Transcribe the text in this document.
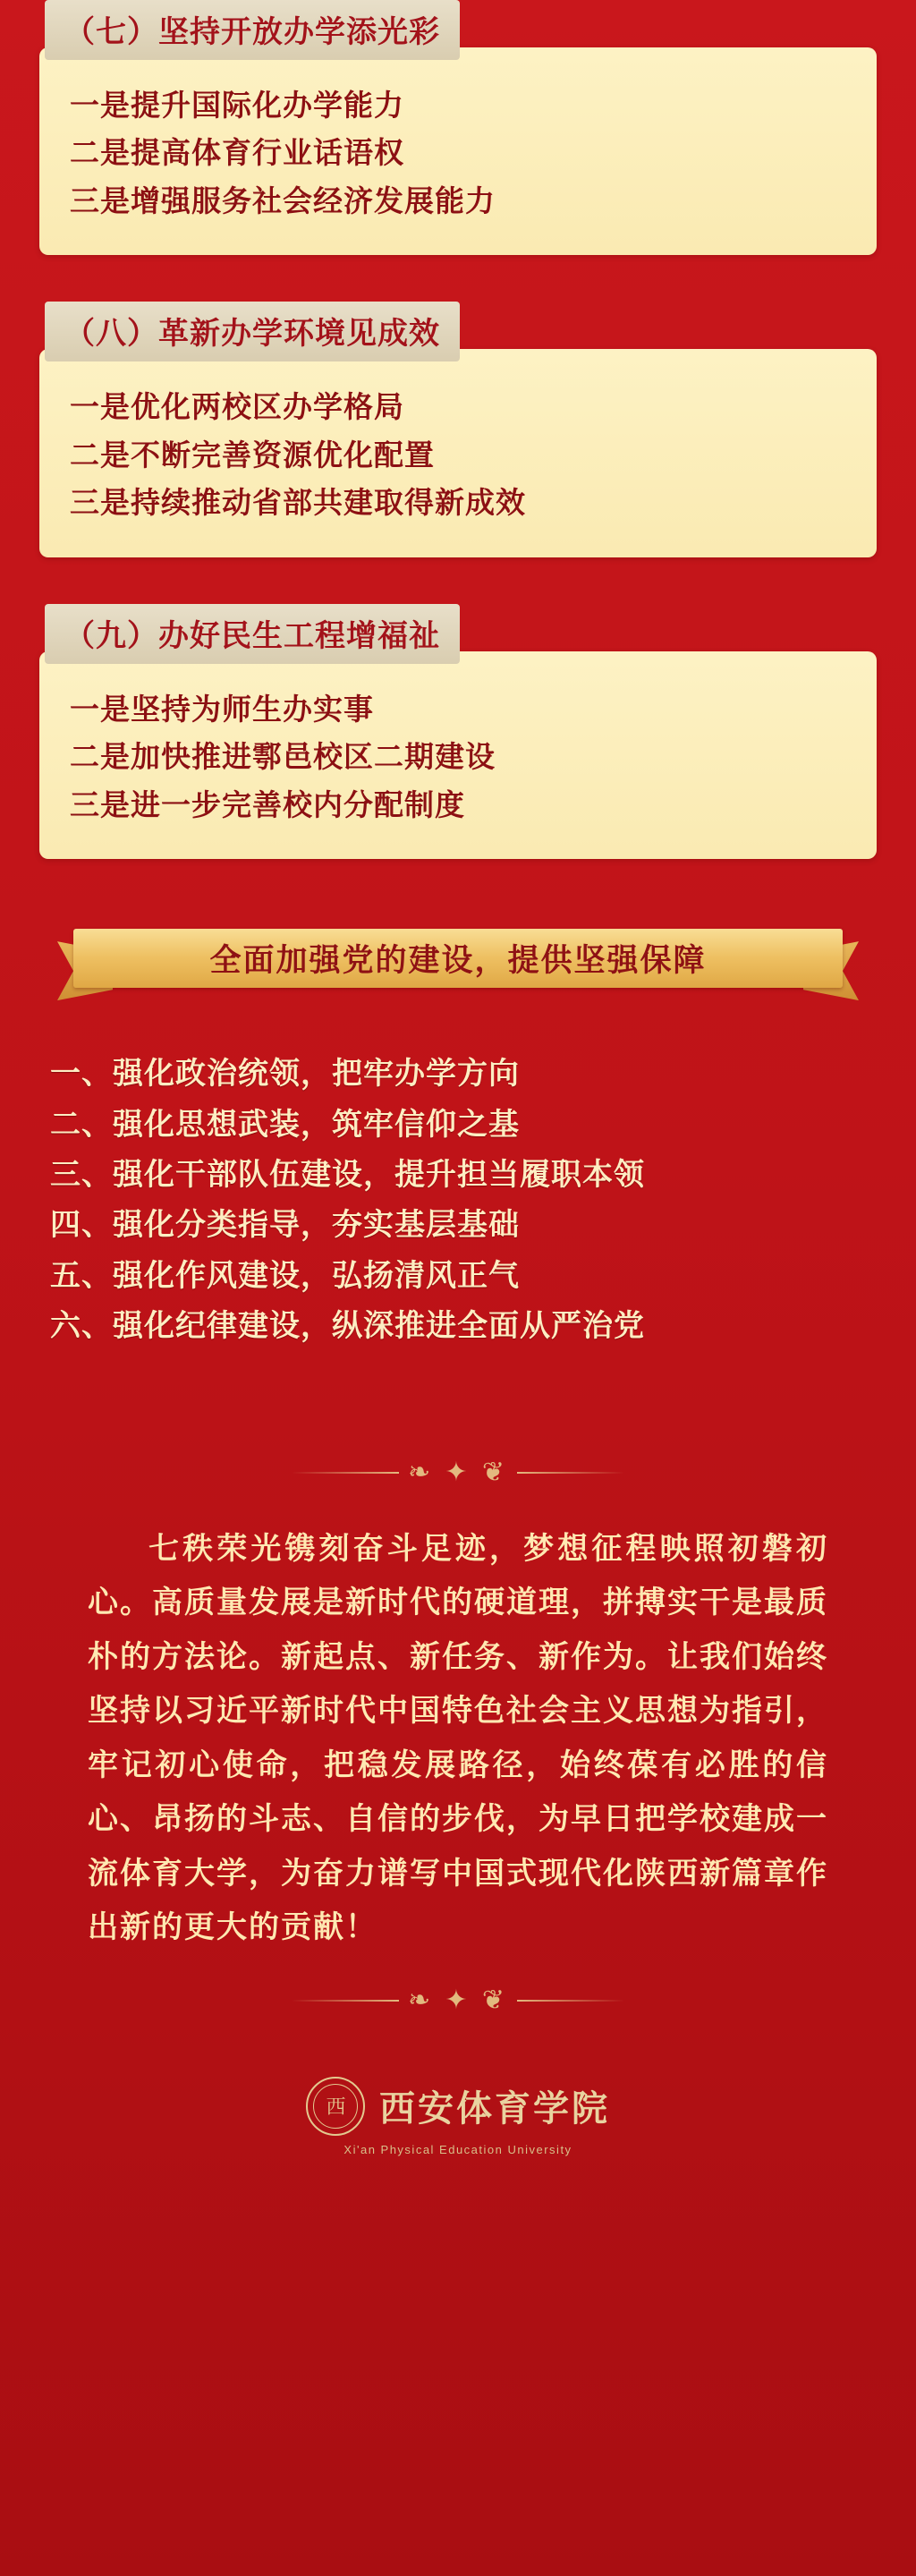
（七）坚持开放办学添光彩
一是提升国际化办学能力
二是提高体育行业话语权
三是增强服务社会经济发展能力
（八）革新办学环境见成效
一是优化两校区办学格局
二是不断完善资源优化配置
三是持续推动省部共建取得新成效
（九）办好民生工程增福祉
一是坚持为师生办实事
二是加快推进鄠邑校区二期建设
三是进一步完善校内分配制度
全面加强党的建设，提供坚强保障
一、强化政治统领，把牢办学方向
二、强化思想武装，筑牢信仰之基
三、强化干部队伍建设，提升担当履职本领
四、强化分类指导，夯实基层基础
五、强化作风建设，弘扬清风正气
六、强化纪律建设，纵深推进全面从严治党
❧ ✦ ❦
七秩荣光镌刻奋斗足迹，梦想征程映照初磐初心。高质量发展是新时代的硬道理，拼搏实干是最质朴的方法论。新起点、新任务、新作为。让我们始终坚持以习近平新时代中国特色社会主义思想为指引，牢记初心使命，把稳发展路径，始终葆有必胜的信心、昂扬的斗志、自信的步伐，为早日把学校建成一流体育大学，为奋力谱写中国式现代化陕西新篇章作出新的更大的贡献！
❧ ✦ ❦
西 西安体育学院
Xi'an Physical Education University
